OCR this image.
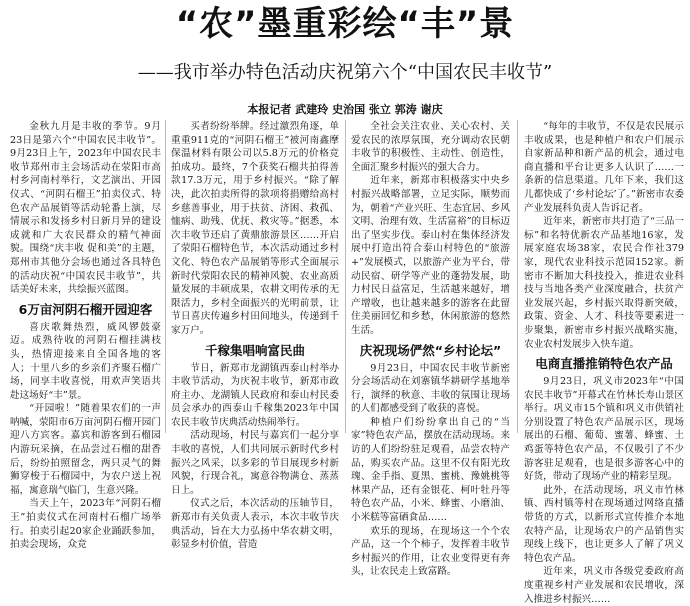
“农”墨重彩绘“丰”景
——我市举办特色活动庆祝第六个“中国农民丰收节”
本报记者 武建玲 史治国 张立 郭涛 谢庆

金秋九月是丰收的季节。9月23日是第六个“中国农民丰收节”。9月23日上午，2023年中国农民丰收节郑州市主会场活动在荥阳市高村乡河南村举行，文艺演出、开园仪式、“河阴石榴王”拍卖仪式、特色农产品展销等活动轮番上演，尽情展示和发扬乡村日新月异的建设成就和广大农民群众的精气神面貌。围绕“庆丰收 促和美”的主题，郑州市其他分会场也通过各具特色的活动庆祝“中国农民丰收节”，共话美好未来，共绘振兴蓝图。

6万亩河阴石榴开园迎客

喜庆歌舞热烈，威风锣鼓豪迈。成熟待收的河阴石榴挂满枝头，热情迎接来自全国各地的客人；十里八乡的乡亲们齐聚石榴广场，同享丰收喜悦，用欢声笑语共赴这场好“丰”景。

“开园啦！”随着果农们的一声呐喊，荥阳市6万亩河阴石榴开园门迎八方宾客。嘉宾和游客到石榴园内游玩采摘，在品尝过石榴的甜香后，纷纷拍照留念，两只灵气的舞狮穿梭于石榴园中，为农户送上祝福，寓意瑞气临门，生意兴隆。

当天上午，2023年“河阴石榴王”拍卖仪式在河南村石榴广场举行。拍卖引起20家企业踊跃参加，拍卖会现场，众竞

买者纷纷举牌。经过激烈角逐，单重重911克的“河阴石榴王”被河南鑫摩保温材料有限公司以5.8万元的价格竞拍成功。最终，7个获奖石榴共拍得善款17.3万元，用于乡村振兴。“除了解决，此次拍卖所得的款项将捐赠给高村乡慈善事业，用于扶贫、济困、救孤、恤病、助残、优抚、救灾等。”据悉，本次丰收节还启了黄鼎旅游景区……开启了荥阳石榴特色节，本次活动通过乡村文化、特色农产品展销等形式全面展示新时代荥阳农民的精神风貌、农业高质量发展的丰硕成果，农耕文明传承的无限活力，乡村全面振兴的光明前景，让节日喜庆传遍乡村田间地头，传递到千家万户。

千稼集唱响富民曲

节日，新郑市龙湖镇西泰山村举办丰收节活动，为庆祝丰收节，新郑市政府主办、龙湖镇人民政府和泰山村民委员会承办的西泰山千稼集2023年中国农民丰收节庆典活动热闹举行。

活动现场，村民与嘉宾们一起分享丰收的喜悦，人们共同展示新时代乡村振兴之风采，以多彩的节目展现乡村新风貌，行现合礼，寓意谷物满仓、蒸蒸日上。

仪式之后，本次活动的压轴节目，新郑市有关负责人表示，本次丰收节庆典活动，旨在大力弘扬中华农耕文明，彰显乡村价值，营造

全社会关注农业、关心农村、关爱农民的浓厚氛围，充分调动农民朝丰收节的积极性、主动性、创造性，全面汇聚乡村振兴的强大合力。

近年来，新郑市积极落实中央乡村振兴战略部署，立足实际，顺势而为，朝着“产业兴旺、生态宜居、乡风文明、治理有效、生活富裕”的目标迈出了坚实步伐。泰山村在集体经济发展中打造出符合泰山村特色的“旅游+”发展模式，以旅游产业为平台，带动民宿、研学等产业的蓬勃发展，助力村民日益富足，生活越来越好，增产增收，也让越来越多的游客在此留住美丽回忆和乡愁，休闲旅游的悠然生活。

庆祝现场俨然“乡村论坛”

9月23日，中国农民丰收节新密分会场活动在刘寨镇华耕研学基地举行，演绎的秋意、丰收的氛围让现场的人们都感受到了收获的喜悦。

种植户们纷纷拿出自己的“当家”特色农产品，摆放在活动现场。来访的人们纷纷驻足观看，品尝农特产品，购买农产品。这里不仅有阳光玫瑰、金手指、夏黑、蜜桃、豫姚桃等林果产品，还有金银花、柯叶牡丹等特色农产品，小米、蜂蜜、小磨油、小米糕等富硒食品……

欢乐的现场，在现场这一个个农产品，这一个个柿子，发挥着丰收节乡村振兴的作用，让农业变得更有奔头，让农民走上致富路。

“每年的丰收节，不仅是农民展示丰收成果，也是种植户和农户们展示自家新品种和新产品的机会，通过电商直播和平台让更多人认识了……一条新的信息渠道。几年下来，我们这儿都快成了‘乡村论坛’了。”新密市农委产业发展科负责人告诉记者。

近年来，新密市共打造了“三品一标”和名特优新农产品基地16家，发展家庭农场38家，农民合作社379家，现代农业科技示范园152家。新密市不断加大科技投入，推进农业科技与当地各类产业深度融合，扶贫产业发展兴起，乡村振兴取得新突破，政策、资金、人才、科技等要素进一步聚集，新密市乡村振兴战略实施，农业农村发展步入快车道。

电商直播推销特色农产品

9月23日，巩义市2023年“中国农民丰收节”开幕式在竹林长寿山景区举行。巩义市15个镇和巩义市供销社分别设置了特色农产品展示区，现场展出的石榴、葡萄、蜜薯、蜂蜜、土鸡蛋等特色农产品，不仅吸引了不少游客驻足观看，也是很多游客心中的好货，带动了现场产业的精彩呈现。

此外，在活动现场，巩义市竹林镇、西村镇等村在现场通过网络直播带货的方式，以新形式宣传推介本地农特产品，让现场农户的产品销售实现线上线下，也让更多人了解了巩义特色农产品。

近年来，巩义市各级党委政府高度重视乡村产业发展和农民增收，深入推进乡村振兴……
